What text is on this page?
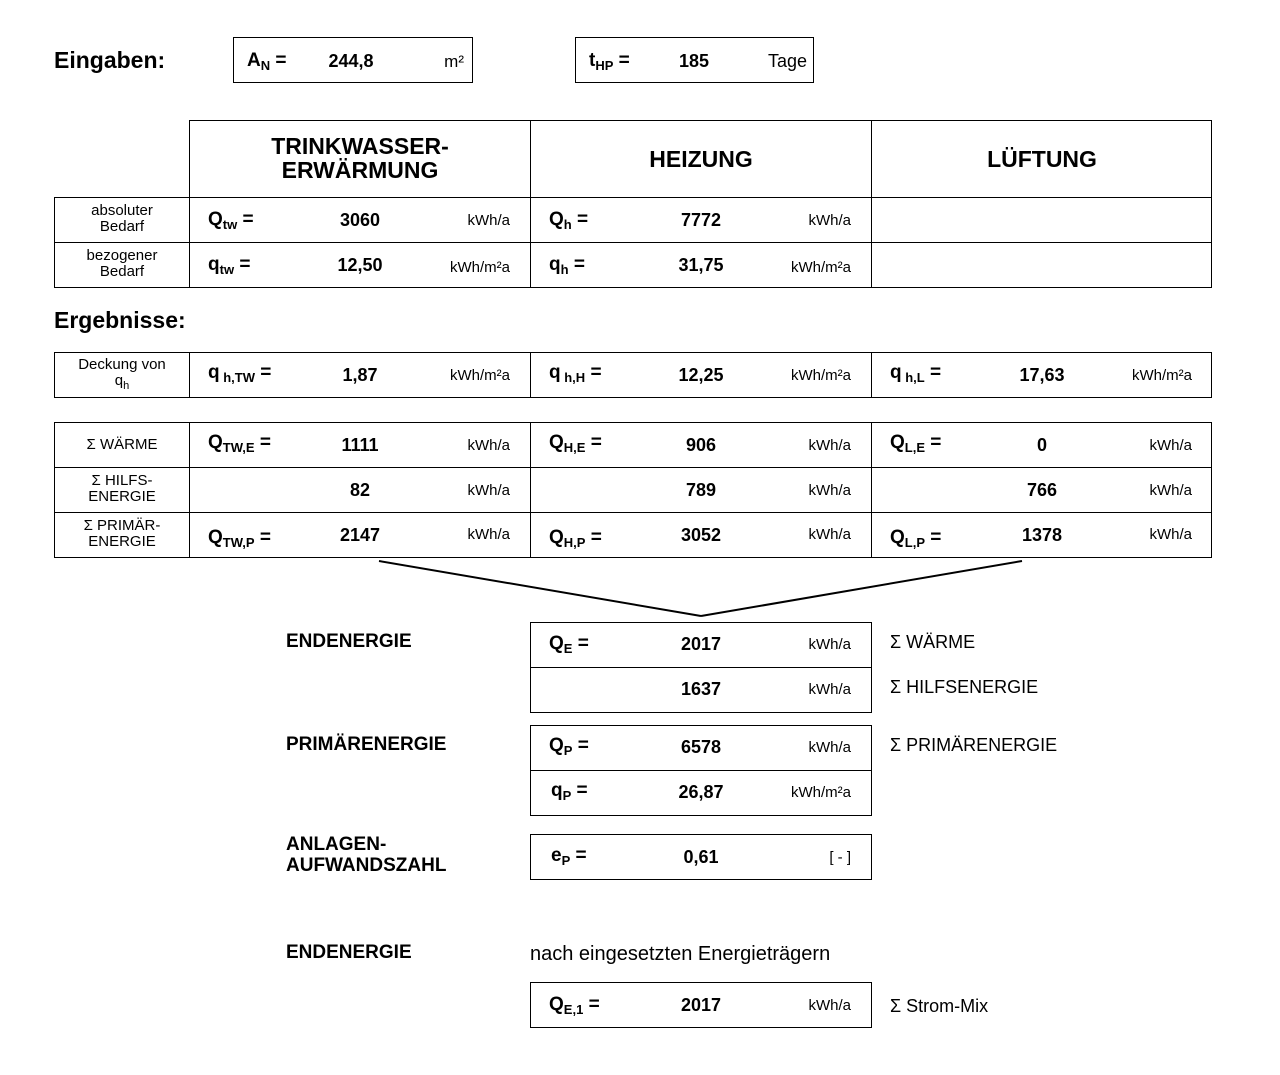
Eingaben:	$A_N$ =	244,8	m²	$t_{HP}$ =	185	Tage
TRINKWASSER-
ERWÄRMUNG	HEIZUNG	LÜFTUNG
absoluter
Bedarf	$Q_{tw}$ =	3060	kWh/a $Q_h$ =	7772	kWh/a
bezogener
Bedarf	$q_{tw}$ =	12,50	kWh/m²a $q_h$ =	31,75	kWh/m²a
Ergebnisse:
Deckung von
$q_h$
q $_{h,TW}$ =	1,87	kWh/m²a q $_{h,H}$ =	12,25	kWh/m²a q $_{h,L}$ =	17,63	kWh/m²a
Σ WÄRME	$Q_{TW,E}$ =	1111	kWh/a $Q_{H,E}$ =	906	kWh/a $Q_{L,E}$ =	0	kWh/a
Σ HILFS-
ENERGIE	82	kWh/a	789	kWh/a	766	kWh/a
Σ PRIMÄR-
ENERGIE	$Q_{TW,P}$ =	2147	kWh/a $Q_{H,P}$ =	3052	kWh/a $Q_{L,P}$ =	1378	kWh/a
ENDENERGIE	$Q_E$ =	2017	kWh/a Σ WÄRME
1637	kWh/a Σ HILFSENERGIE
PRIMÄRENERGIE	$Q_P$ =	6578	kWh/a Σ PRIMÄRENERGIE
$q_P$ =	26,87	kWh/m²a
ANLAGEN-
AUFWANDSZAHL	$e_P$ =	0,61	[ - ]
ENDENERGIE	nach eingesetzten Energieträgern
$Q_{E,1}$ =	2017	kWh/a Σ Strom-Mix
